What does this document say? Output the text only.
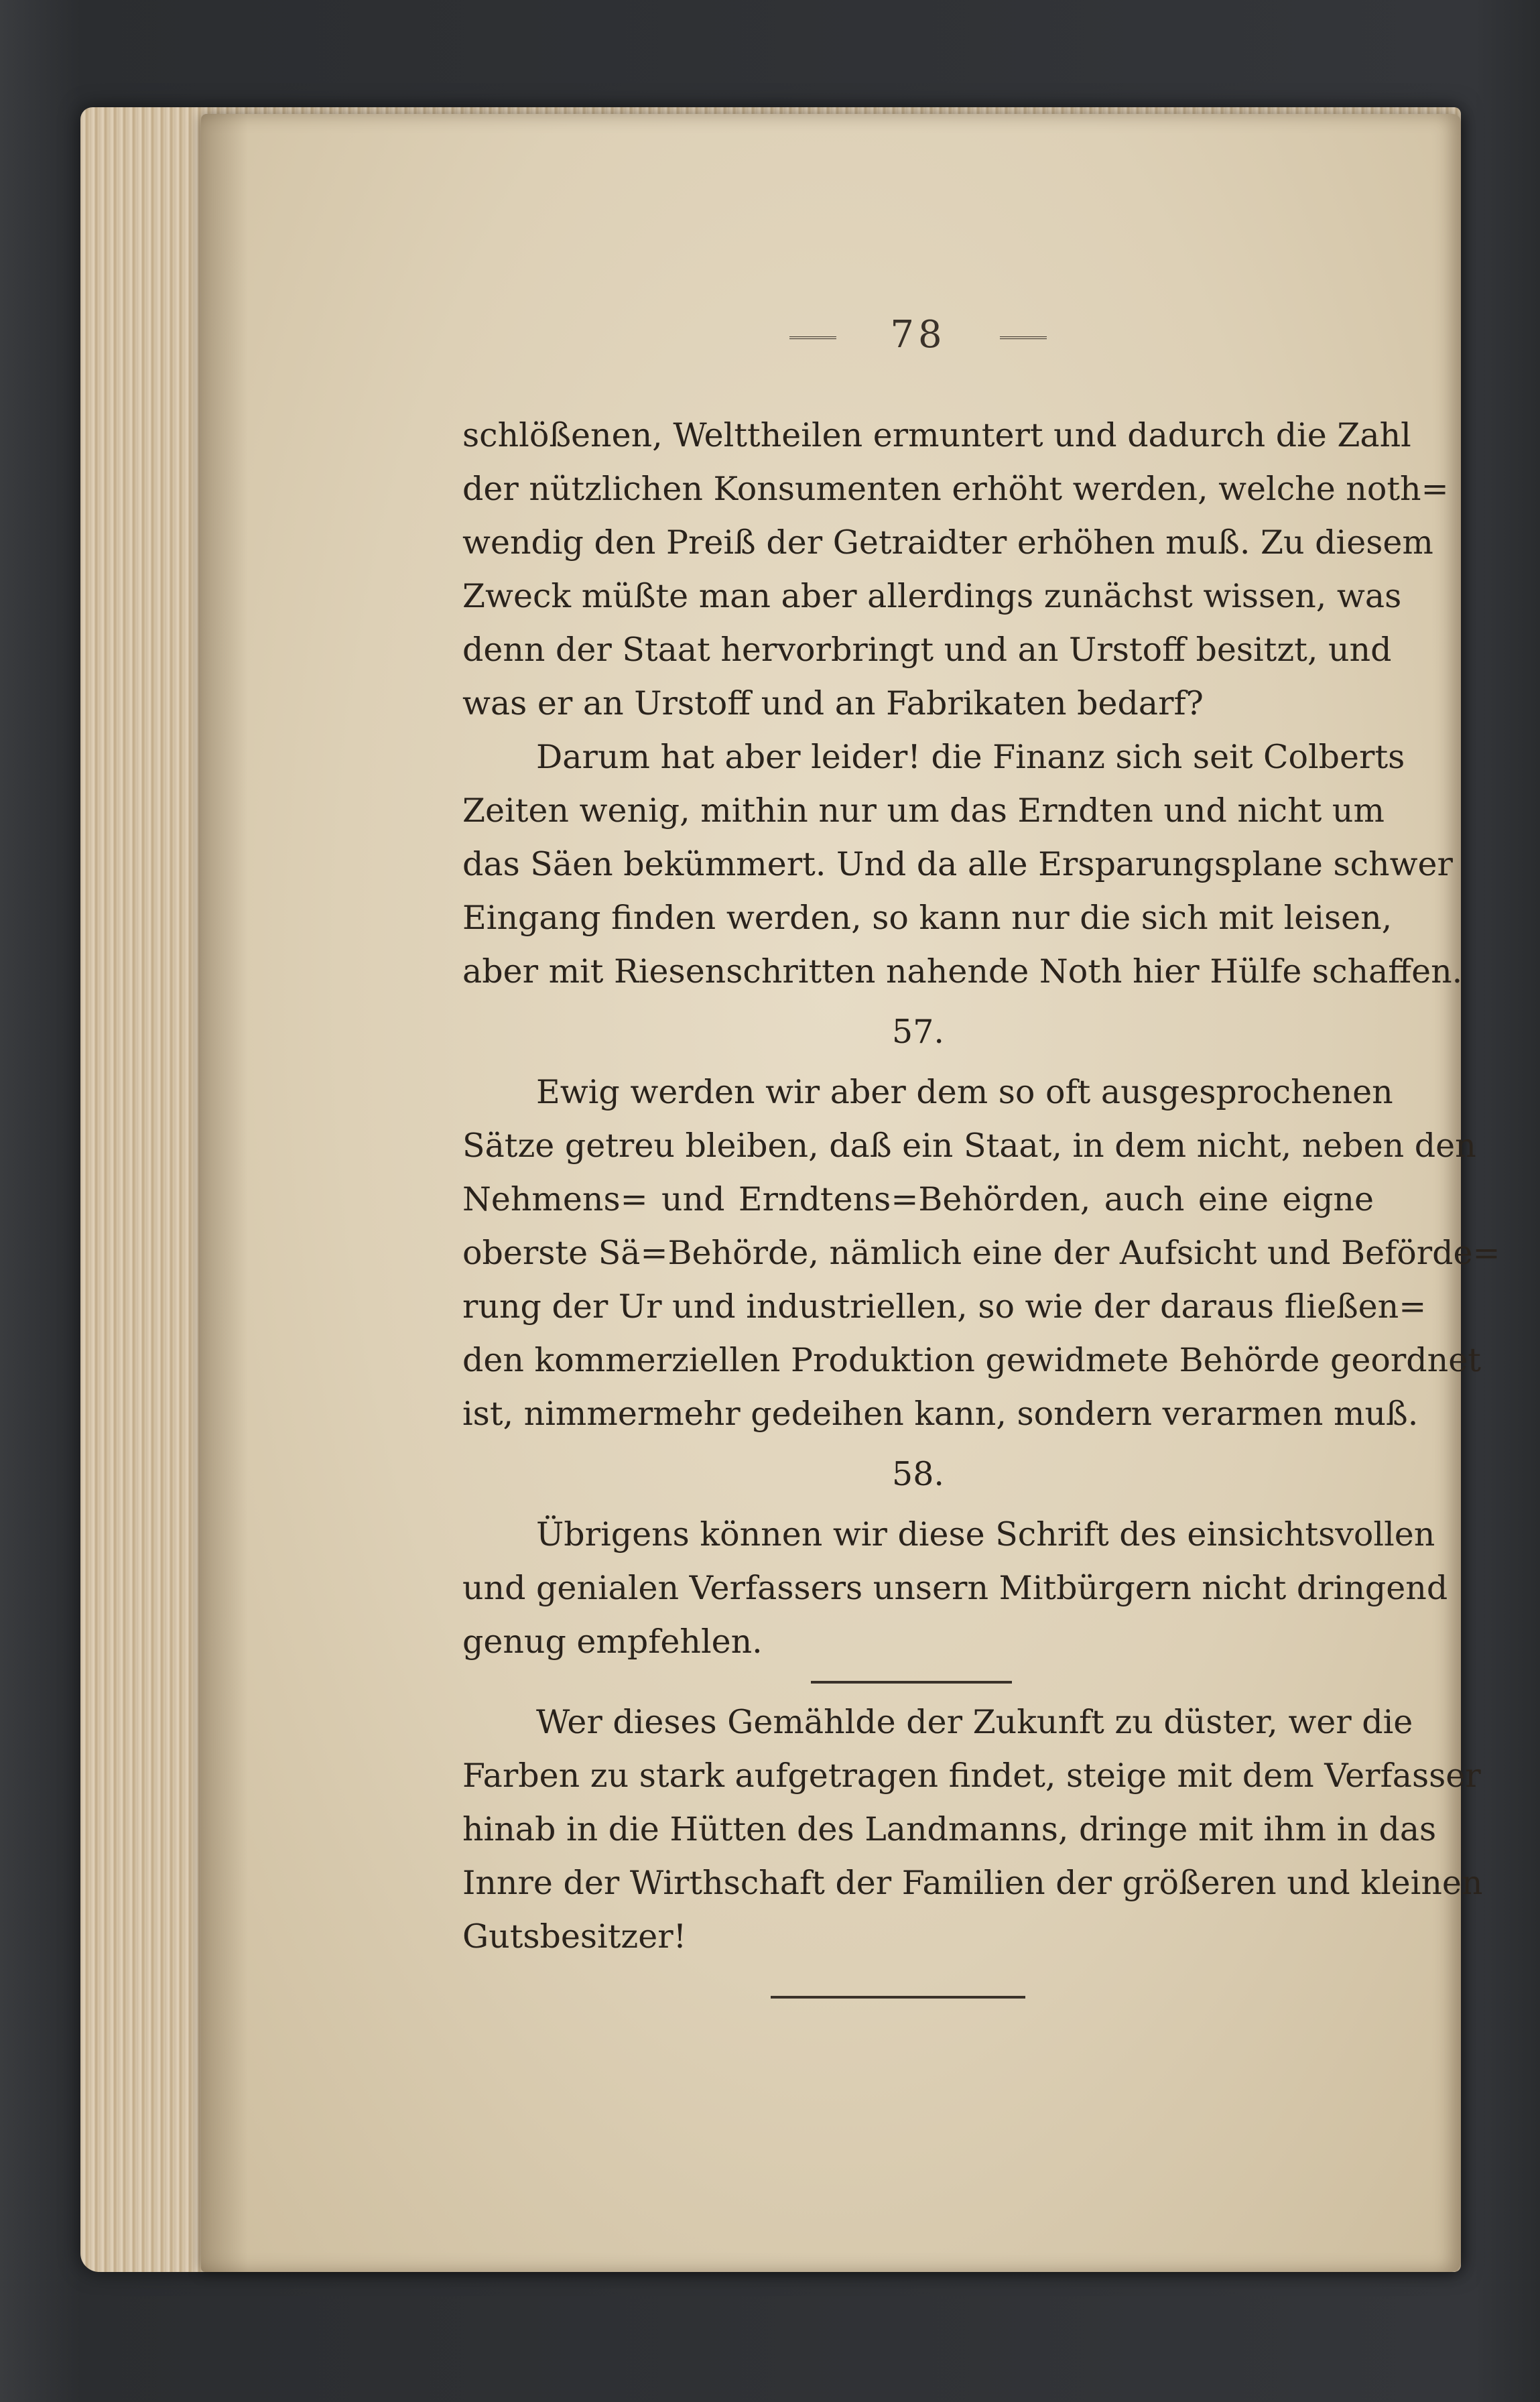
78
schlößenen, Welttheilen ermuntert und dadurch die Zahl
der nützlichen Konsumenten erhöht werden, welche noth=
wendig den Preiß der Getraidter erhöhen muß. Zu diesem
Zweck müßte man aber allerdings zunächst wissen, was
denn der Staat hervorbringt und an Urstoff besitzt, und
was er an Urstoff und an Fabrikaten bedarf?
Darum hat aber leider! die Finanz sich seit Colberts
Zeiten wenig, mithin nur um das Erndten und nicht um
das Säen bekümmert. Und da alle Ersparungsplane schwer
Eingang finden werden, so kann nur die sich mit leisen,
aber mit Riesenschritten nahende Noth hier Hülfe schaffen.
57.
Ewig werden wir aber dem so oft ausgesprochenen
Sätze getreu bleiben, daß ein Staat, in dem nicht, neben den
Nehmens= und Erndtens=Behörden, auch eine eigne
oberste Sä=Behörde, nämlich eine der Aufsicht und Beförde=
rung der Ur und industriellen, so wie der daraus fließen=
den kommerziellen Produktion gewidmete Behörde geordnet
ist, nimmermehr gedeihen kann, sondern verarmen muß.
58.
Übrigens können wir diese Schrift des einsichtsvollen
und genialen Verfassers unsern Mitbürgern nicht dringend
genug empfehlen.
Wer dieses Gemählde der Zukunft zu düster, wer die
Farben zu stark aufgetragen findet, steige mit dem Verfasser
hinab in die Hütten des Landmanns, dringe mit ihm in das
Innre der Wirthschaft der Familien der größeren und kleinen
Gutsbesitzer!
